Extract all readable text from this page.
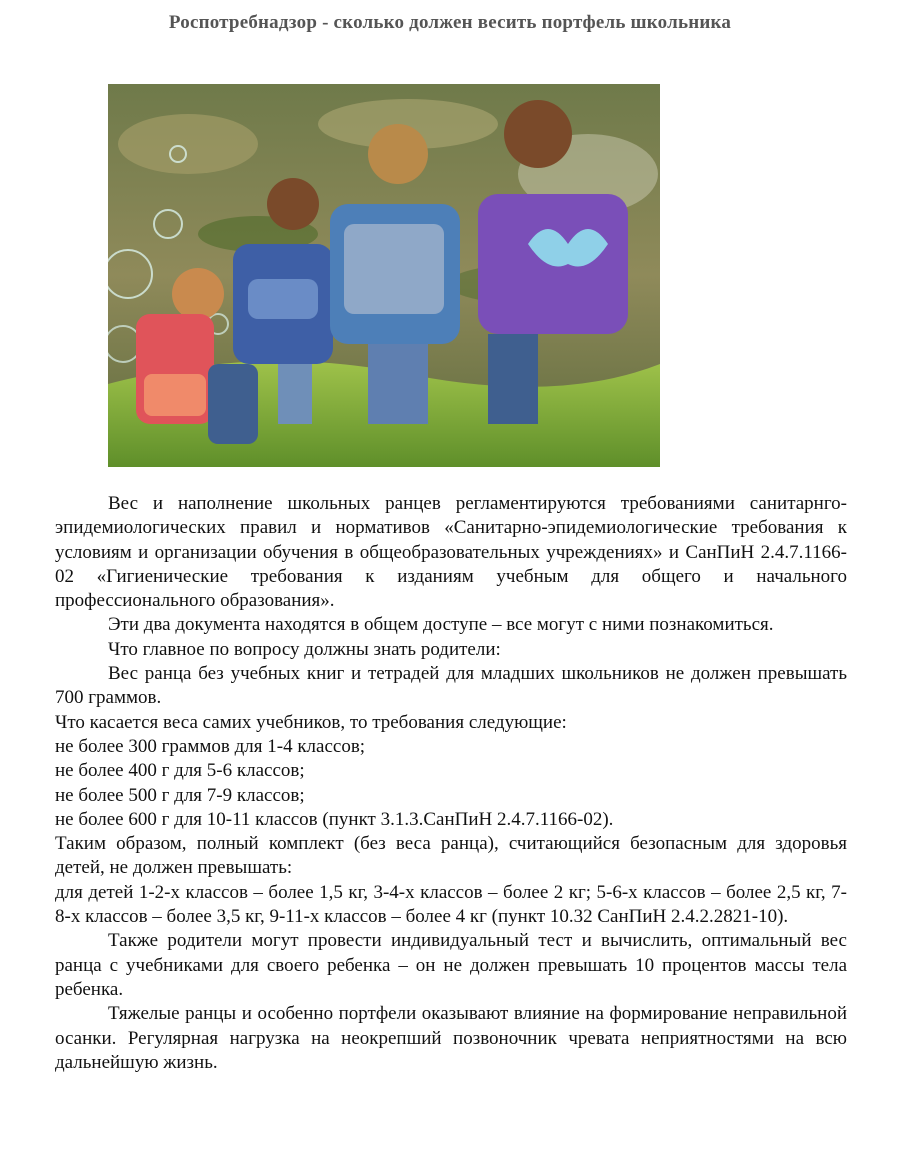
Роспотребнадзор - сколько должен весить портфель школьника

Вес и наполнение школьных ранцев регламентируются требованиями санитарнго-эпидемиологических правил и нормативов «Санитарно-эпидемиологические требования к условиям и организации обучения в общеобразовательных учреждениях» и СанПиН 2.4.7.1166-02 «Гигиенические требования к изданиям учебным для общего и начального профессионального образования».

Эти два документа находятся в общем доступе – все могут с ними познакомиться.

Что главное по вопросу должны знать родители:

Вес ранца без учебных книг и тетрадей для младших школьников не должен превышать 700 граммов.

Что касается веса самих учебников, то требования следующие:

не более 300 граммов для 1-4 классов;

не более 400 г для 5-6 классов;

не более 500 г для 7-9 классов;

не более 600 г для 10-11 классов (пункт 3.1.3.СанПиН 2.4.7.1166-02).

Таким образом, полный комплект (без веса ранца), считающийся безопасным для здоровья детей, не должен превышать:

для детей 1-2-х классов – более 1,5 кг, 3-4-х классов – более 2 кг; 5-6-х классов – более 2,5 кг, 7-8-х классов – более 3,5 кг, 9-11-х классов – более 4 кг (пункт 10.32 СанПиН 2.4.2.2821-10).

Также родители могут провести индивидуальный тест и вычислить, оптимальный вес ранца с учебниками для своего ребенка – он не должен превышать 10 процентов массы тела ребенка.

Тяжелые ранцы и особенно портфели оказывают влияние на формирование неправильной осанки. Регулярная нагрузка на неокрепший позвоночник чревата неприятностями на всю дальнейшую жизнь.
